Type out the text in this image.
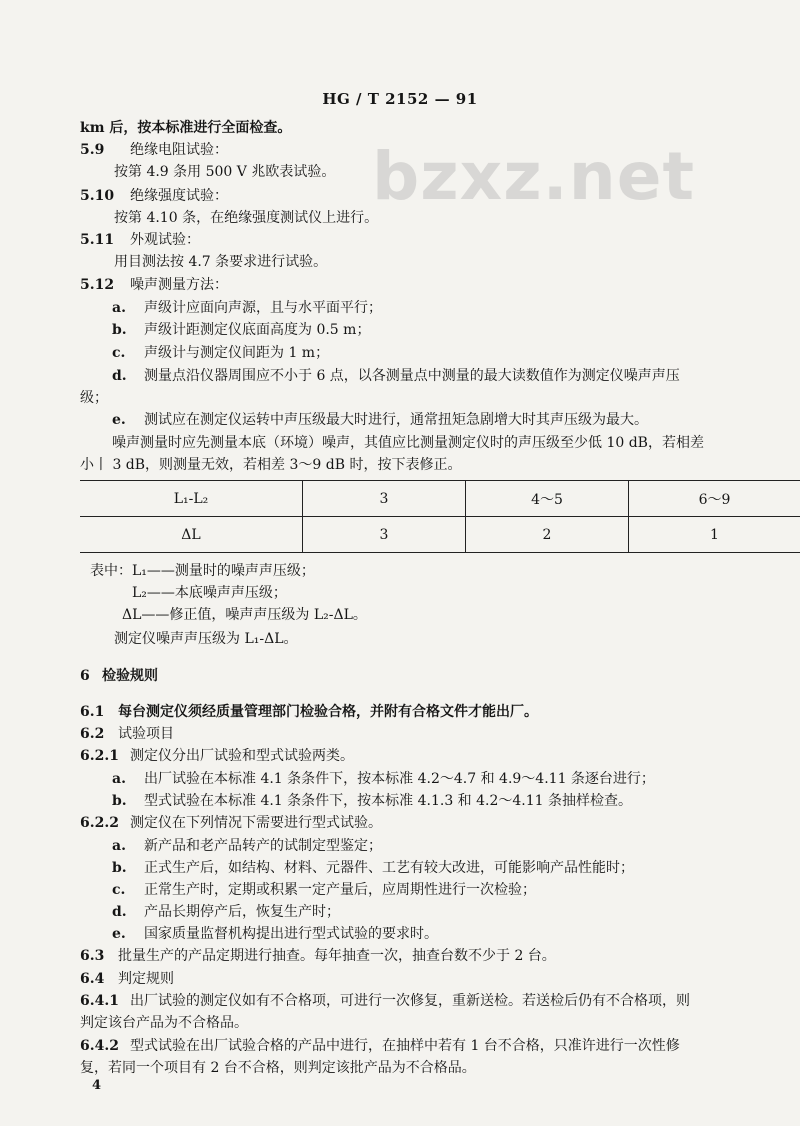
HG / T 2152 — 91
bzxz.net
km 后，按本标准进行全面检查。
5.9 绝缘电阻试验：
按第 4.9 条用 500 V 兆欧表试验。
5.10 绝缘强度试验：
按第 4.10 条，在绝缘强度测试仪上进行。
5.11 外观试验：
用目测法按 4.7 条要求进行试验。
5.12 噪声测量方法：
a. 声级计应面向声源，且与水平面平行；
b. 声级计距测定仪底面高度为 0.5 m；
c. 声级计与测定仪间距为 1 m；
d. 测量点沿仪器周围应不小于 6 点，以各测量点中测量的最大读数值作为测定仪噪声声压
级；
e. 测试应在测定仪运转中声压级最大时进行，通常扭矩急剧增大时其声压级为最大。
噪声测量时应先测量本底（环境）噪声，其值应比测量测定仪时的声压级至少低 10 dB，若相差
小丨 3 dB，则测量无效，若相差 3～9 dB 时，按下表修正。
L₁-L₂	3	4～5	6～9
ΔL	3	2	1
表中：L₁——测量时的噪声声压级；
L₂——本底噪声声压级；
ΔL——修正值，噪声声压级为 L₂-ΔL。
测定仪噪声声压级为 L₁-ΔL。
6 检验规则
6.1 每台测定仪须经质量管理部门检验合格，并附有合格文件才能出厂。
6.2 试验项目
6.2.1 测定仪分出厂试验和型式试验两类。
a. 出厂试验在本标准 4.1 条条件下，按本标准 4.2～4.7 和 4.9～4.11 条逐台进行；
b. 型式试验在本标准 4.1 条条件下，按本标准 4.1.3 和 4.2～4.11 条抽样检查。
6.2.2 测定仪在下列情况下需要进行型式试验。
a. 新产品和老产品转产的试制定型鉴定；
b. 正式生产后，如结构、材料、元器件、工艺有较大改进，可能影响产品性能时；
c. 正常生产时，定期或积累一定产量后，应周期性进行一次检验；
d. 产品长期停产后，恢复生产时；
e. 国家质量监督机构提出进行型式试验的要求时。
6.3 批量生产的产品定期进行抽查。每年抽查一次，抽查台数不少于 2 台。
6.4 判定规则
6.4.1 出厂试验的测定仪如有不合格项，可进行一次修复，重新送检。若送检后仍有不合格项，则
判定该台产品为不合格品。
6.4.2 型式试验在出厂试验合格的产品中进行，在抽样中若有 1 台不合格，只准许进行一次性修
复，若同一个项目有 2 台不合格，则判定该批产品为不合格品。
4
